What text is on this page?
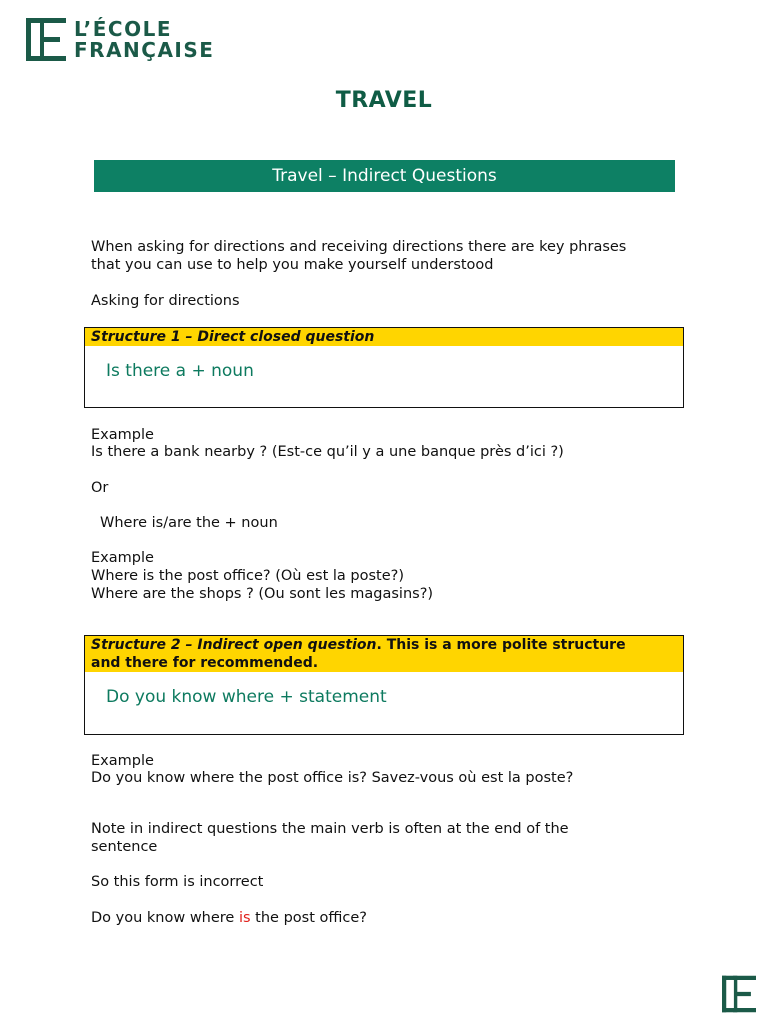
L’ÉCOLE
FRANÇAISE
TRAVEL
Travel – Indirect Questions

When asking for directions and receiving directions there are key phrases
that you can use to help you make yourself understood

Asking for directions

Structure 1 – Direct closed question
Is there a + noun

Example

Is there a bank nearby ? (Est-ce qu’il y a une banque près d’ici ?)

Or

Where is/are the + noun

Example

Where is the post office? (Où est la poste?)

Where are the shops ? (Ou sont les magasins?)

Structure 2 – Indirect open question. This is a more polite structure
and there for recommended.
Do you know where + statement

Example

Do you know where the post office is? Savez-vous où est la poste?

Note in indirect questions the main verb is often at the end of the
sentence

So this form is incorrect

Do you know where is the post office?
